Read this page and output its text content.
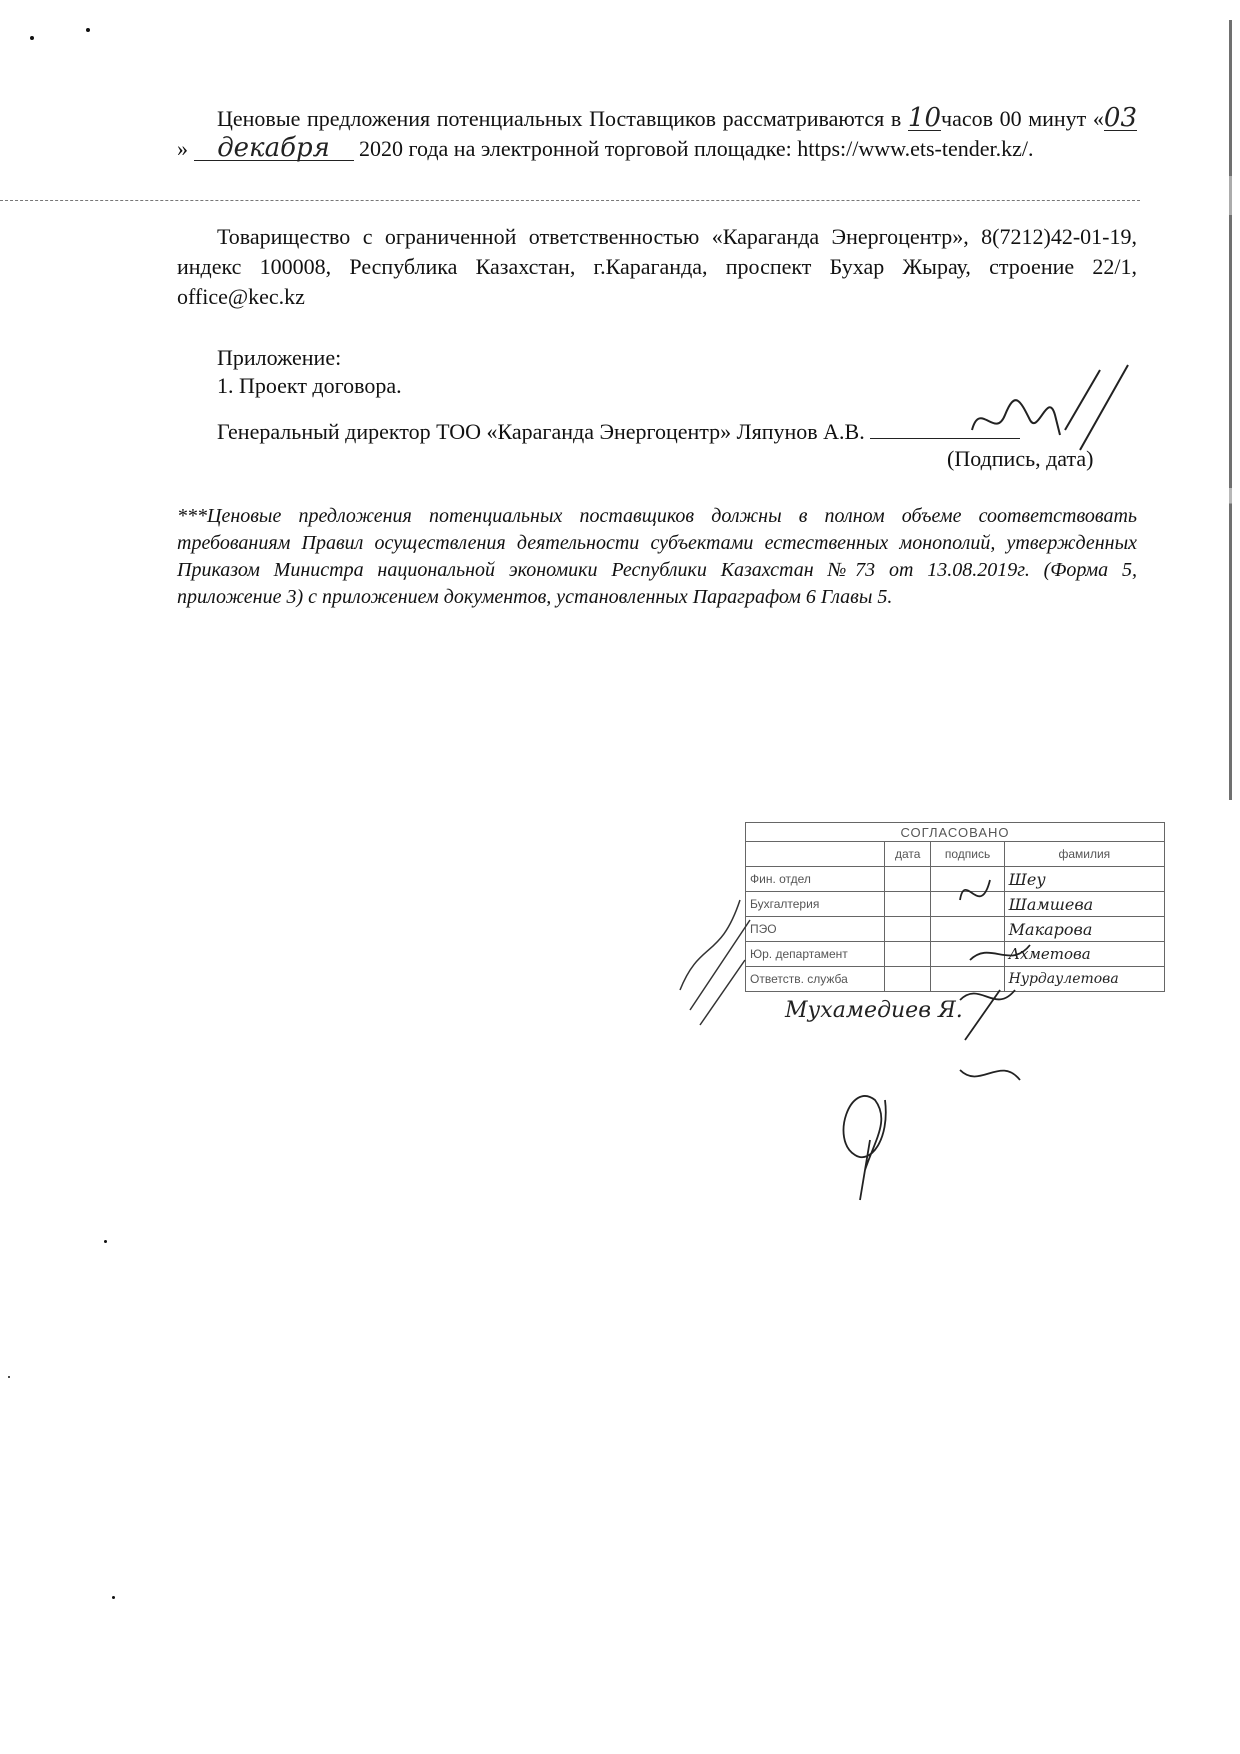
Ценовые предложения потенциальных Поставщиков рассматриваются в 10часов 00 минут «03» декабря 2020 года на электронной торговой площадке: https://www.ets-tender.kz/.
Товарищество с ограниченной ответственностью «Караганда Энергоцентр», 8(7212)42-01-19, индекс 100008, Республика Казахстан, г.Караганда, проспект Бухар Жырау, строение 22/1, office@kec.kz
Приложение:
1. Проект договора.
Генеральный директор ТОО «Караганда Энергоцентр» Ляпунов А.В.
(Подпись, дата)
***Ценовые предложения потенциальных поставщиков должны в полном объеме соответствовать требованиям Правил осуществления деятельности субъектами естественных монополий, утвержденных Приказом Министра национальной экономики Республики Казахстан №73 от 13.08.2019г. (Форма 5, приложение 3) с приложением документов, установленных Параграфом 6 Главы 5.
СОГЛАСОВАНО			
	дата	подпись	фамилия
Фин. отдел			Шеу
Бухгалтерия			Шамшева
ПЭО			Макарова
Юр. департамент			Ахметова
Ответств. служба			Нурдаулетова
Мухамедиев Я.
